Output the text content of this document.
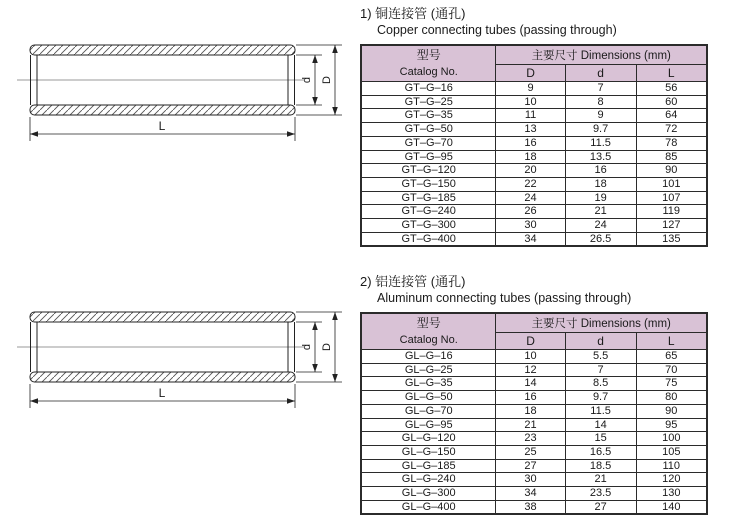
d D
L
d D
L
1) 铜连接管 (通孔)
Copper connecting tubes (passing through)
型号
Catalog No.	主要尺寸 Dimensions (mm)		
	D	d	L
GT–G–16	9	7	56
GT–G–25	10	8	60
GT–G–35	11	9	64
GT–G–50	13	9.7	72
GT–G–70	16	11.5	78
GT–G–95	18	13.5	85
GT–G–120	20	16	90
GT–G–150	22	18	101
GT–G–185	24	19	107
GT–G–240	26	21	119
GT–G–300	30	24	127
GT–G–400	34	26.5	135
2) 铝连接管 (通孔)
Aluminum connecting tubes (passing through)
型号
Catalog No.	主要尺寸 Dimensions (mm)		
	D	d	L
GL–G–16	10	5.5	65
GL–G–25	12	7	70
GL–G–35	14	8.5	75
GL–G–50	16	9.7	80
GL–G–70	18	11.5	90
GL–G–95	21	14	95
GL–G–120	23	15	100
GL–G–150	25	16.5	105
GL–G–185	27	18.5	110
GL–G–240	30	21	120
GL–G–300	34	23.5	130
GL–G–400	38	27	140
